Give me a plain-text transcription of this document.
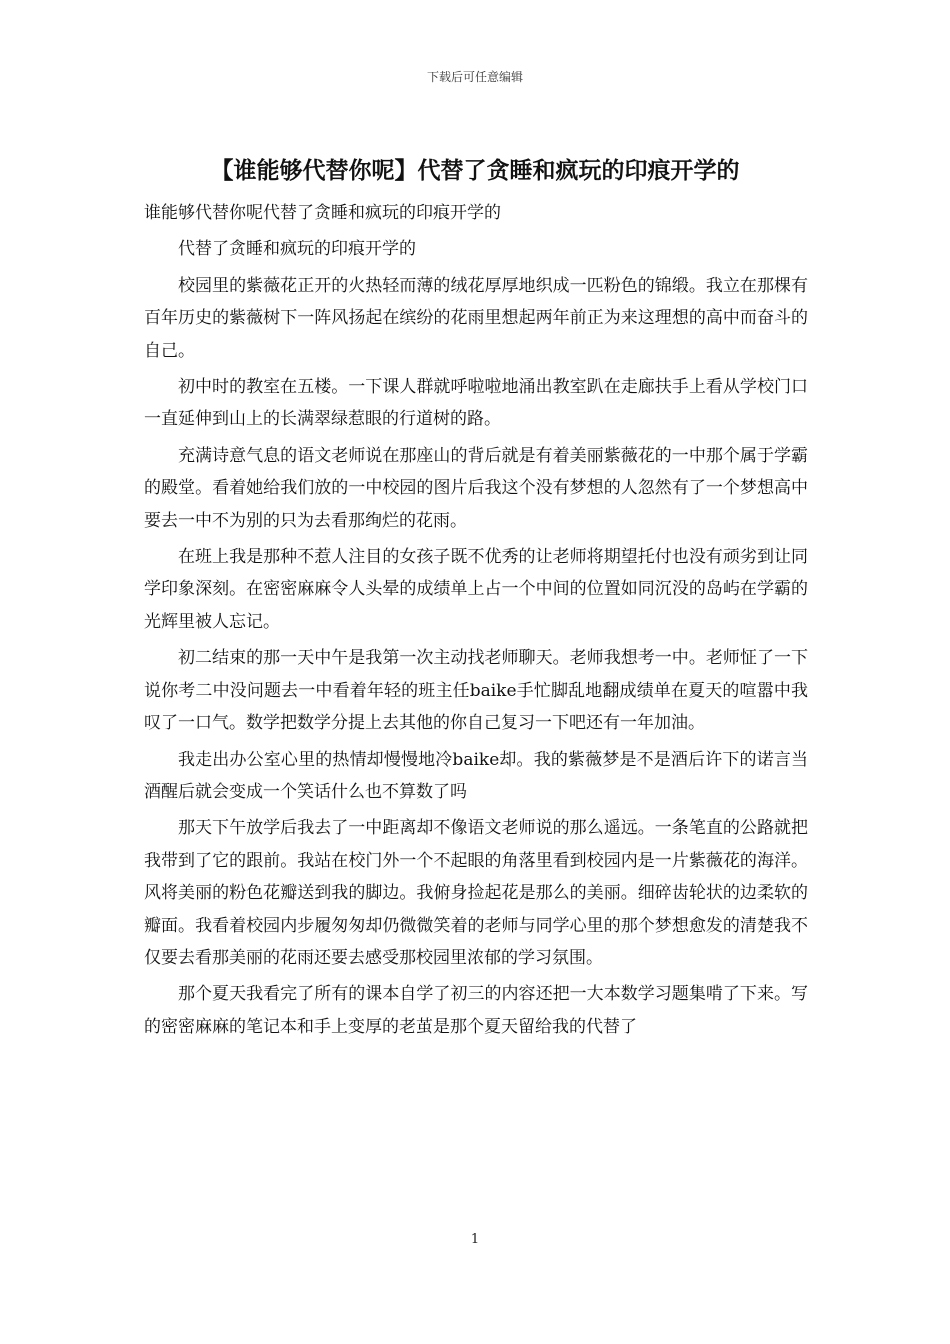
下载后可任意编辑
【谁能够代替你呢】代替了贪睡和疯玩的印痕开学的

谁能够代替你呢代替了贪睡和疯玩的印痕开学的

代替了贪睡和疯玩的印痕开学的

校园里的紫薇花正开的火热轻而薄的绒花厚厚地织成一匹粉色的锦缎。我立在那棵有百年历史的紫薇树下一阵风扬起在缤纷的花雨里想起两年前正为来这理想的高中而奋斗的自己。

初中时的教室在五楼。一下课人群就呼啦啦地涌出教室趴在走廊扶手上看从学校门口一直延伸到山上的长满翠绿惹眼的行道树的路。

充满诗意气息的语文老师说在那座山的背后就是有着美丽紫薇花的一中那个属于学霸的殿堂。看着她给我们放的一中校园的图片后我这个没有梦想的人忽然有了一个梦想高中要去一中不为别的只为去看那绚烂的花雨。

在班上我是那种不惹人注目的女孩子既不优秀的让老师将期望托付也没有顽劣到让同学印象深刻。在密密麻麻令人头晕的成绩单上占一个中间的位置如同沉没的岛屿在学霸的光辉里被人忘记。

初二结束的那一天中午是我第一次主动找老师聊天。老师我想考一中。老师怔了一下说你考二中没问题去一中看着年轻的班主任baike手忙脚乱地翻成绩单在夏天的喧嚣中我叹了一口气。数学把数学分提上去其他的你自己复习一下吧还有一年加油。

我走出办公室心里的热情却慢慢地冷baike却。我的紫薇梦是不是酒后许下的诺言当酒醒后就会变成一个笑话什么也不算数了吗

那天下午放学后我去了一中距离却不像语文老师说的那么遥远。一条笔直的公路就把我带到了它的跟前。我站在校门外一个不起眼的角落里看到校园内是一片紫薇花的海洋。风将美丽的粉色花瓣送到我的脚边。我俯身捡起花是那么的美丽。细碎齿轮状的边柔软的瓣面。我看着校园内步履匆匆却仍微微笑着的老师与同学心里的那个梦想愈发的清楚我不仅要去看那美丽的花雨还要去感受那校园里浓郁的学习氛围。

那个夏天我看完了所有的课本自学了初三的内容还把一大本数学习题集啃了下来。写的密密麻麻的笔记本和手上变厚的老茧是那个夏天留给我的代替了

1
